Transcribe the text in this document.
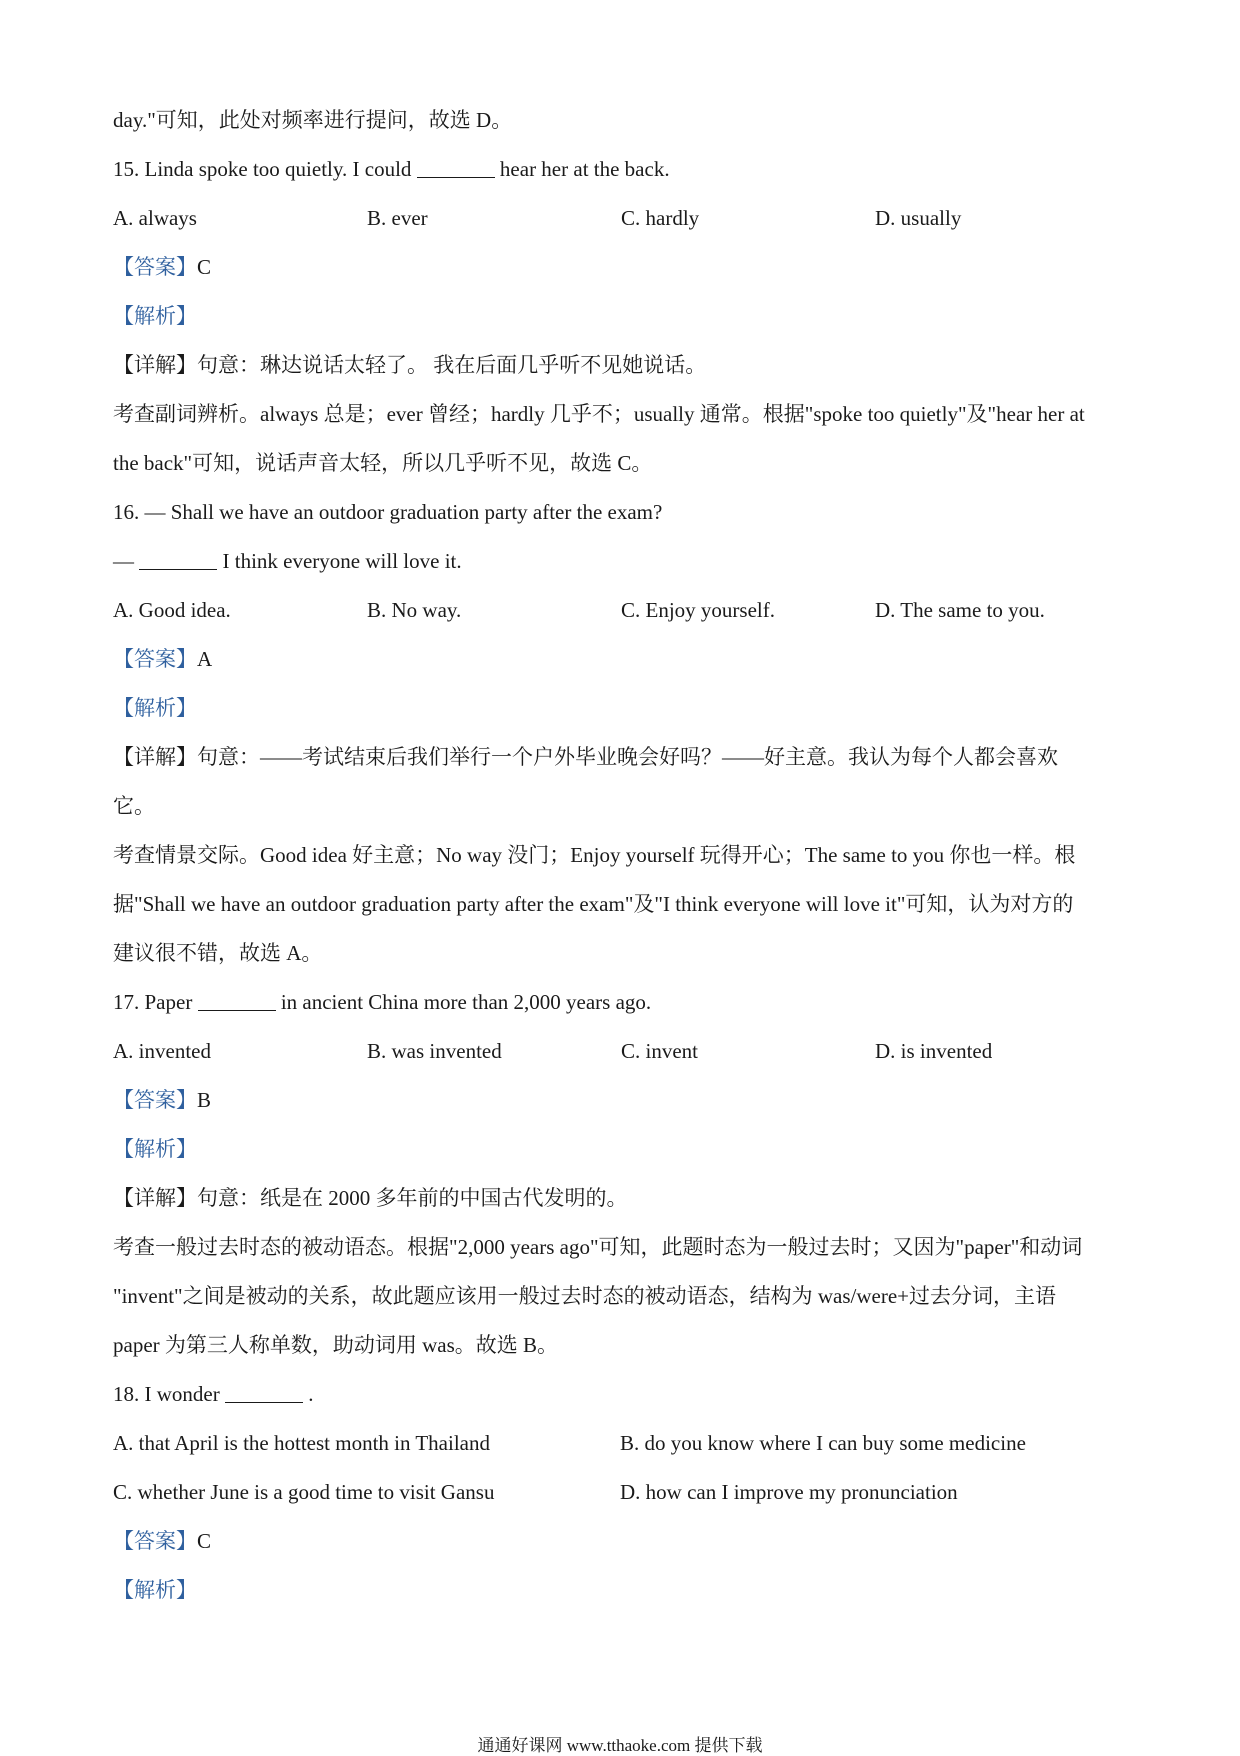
day."可知，此处对频率进行提问，故选 D。
15. Linda spoke too quietly. I could	hear her at the back.
A. always	B. ever	C. hardly	D. usually
【答案】C
【解析】
【详解】句意：琳达说话太轻了。 我在后面几乎听不见她说话。
考查副词辨析。always 总是；ever 曾经；hardly 几乎不；usually 通常。根据"spoke too quietly"及"hear her at
the back"可知，说话声音太轻，所以几乎听不见，故选 C。
16. — Shall we have an outdoor graduation party after the exam?
—	I think everyone will love it.
A. Good idea.	B. No way.	C. Enjoy yourself.	D. The same to you.
【答案】A
【解析】
【详解】句意：——考试结束后我们举行一个户外毕业晚会好吗？——好主意。我认为每个人都会喜欢
它。
考查情景交际。Good idea 好主意；No way 没门；Enjoy yourself 玩得开心；The same to you 你也一样。根
据"Shall we have an outdoor graduation party after the exam"及"I think everyone will love it"可知，认为对方的
建议很不错，故选 A。
17. Paper	in ancient China more than 2,000 years ago.
A. invented	B. was invented	C. invent	D. is invented
【答案】B
【解析】
【详解】句意：纸是在 2000 多年前的中国古代发明的。
考查一般过去时态的被动语态。根据"2,000 years ago"可知，此题时态为一般过去时；又因为"paper"和动词
"invent"之间是被动的关系，故此题应该用一般过去时态的被动语态，结构为 was/were+过去分词，主语
paper 为第三人称单数，助动词用 was。故选 B。
18. I wonder	.
A. that April is the hottest month in Thailand	B. do you know where I can buy some medicine
C. whether June is a good time to visit Gansu	D. how can I improve my pronunciation
【答案】C
【解析】
通通好课网 www.tthaoke.com 提供下载
